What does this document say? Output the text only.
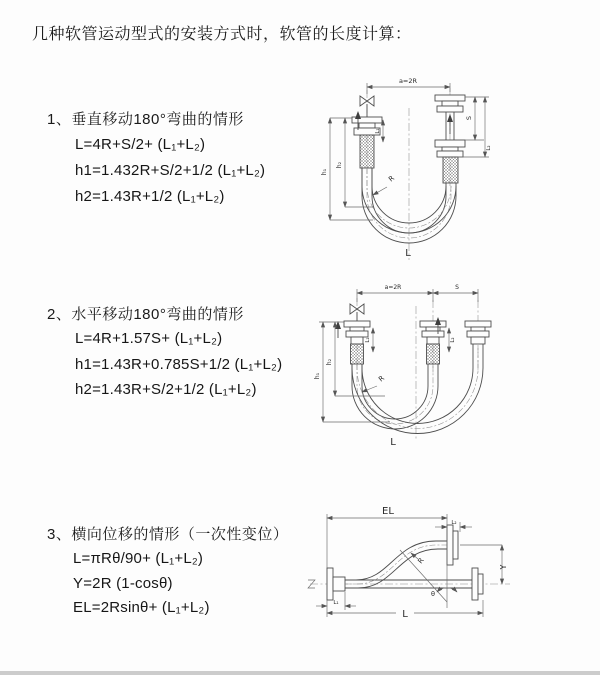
几种软管运动型式的安装方式时，软管的长度计算：
1、垂直移动180°弯曲的情形
L=4R+S/2+ (L₁+L₂)
h1=1.432R+S/2+1/2 (L₁+L₂)
h2=1.43R+1/2 (L₁+L₂)
2、水平移动180°弯曲的情形
L=4R+1.57S+ (L₁+L₂)
h1=1.43R+0.785S+1/2 (L₁+L₂)
h2=1.43R+S/2+1/2 (L₁+L₂)
3、横向位移的情形（一次性变位）
L=πRθ/90+ (L₁+L₂)
Y=2R (1-cosθ)
EL=2Rsinθ+ (L₁+L₂)
a=2R
R
h₁
h₂
L₁
S
L₂
L
a=2R	S
L₁	L₂
R
h₁
h₂
L
EL
L₂
Y
R
θ
L
L₁
